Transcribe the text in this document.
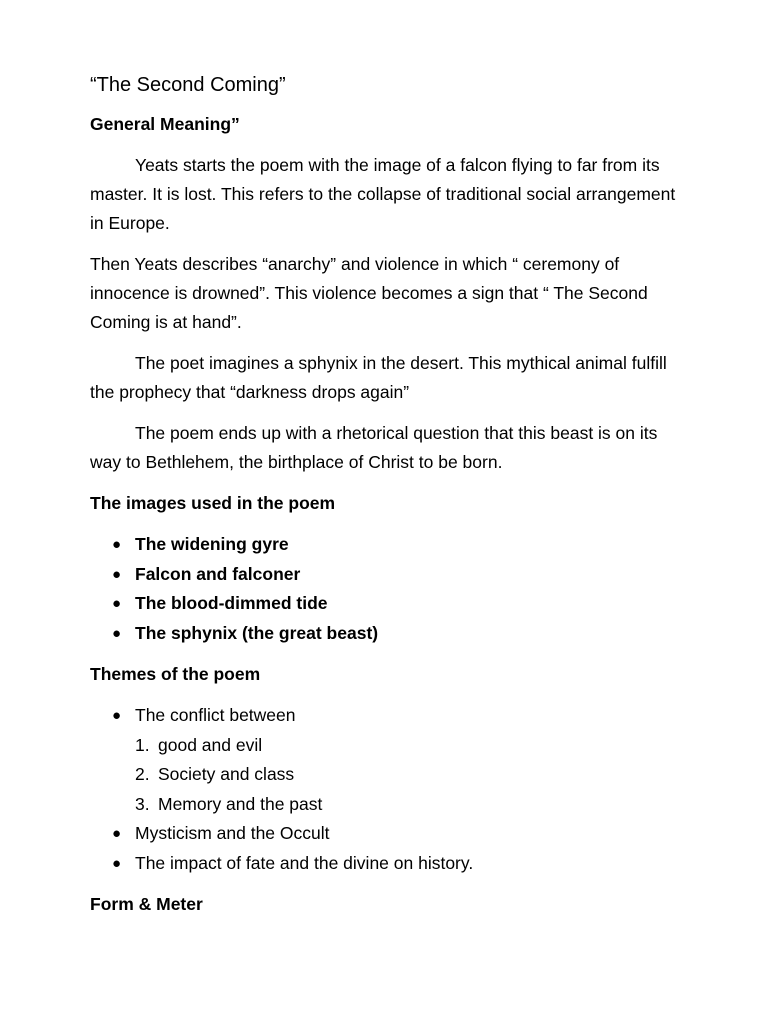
“The Second Coming”
General Meaning”

Yeats starts the poem with the image of a falcon flying to far from its master. It is lost. This refers to the collapse of traditional social arrangement in Europe.

Then Yeats describes “anarchy” and violence in which “ ceremony of innocence is drowned”. This violence becomes a sign that “ The Second Coming is at hand”.

The poet imagines a sphynix in the desert. This mythical animal fulfill the prophecy that “darkness drops again”

The poem ends up with a rhetorical question that this beast is on its way to Bethlehem, the birthplace of Christ to be born.

The images used in the poem
● The widening gyre
● Falcon and falconer
● The blood-dimmed tide
● The sphynix (the great beast)
Themes of the poem
● The conflict between
1. good and evil
2. Society and class
3. Memory and the past
● Mysticism and the Occult
● The impact of fate and the divine on history.
Form & Meter
